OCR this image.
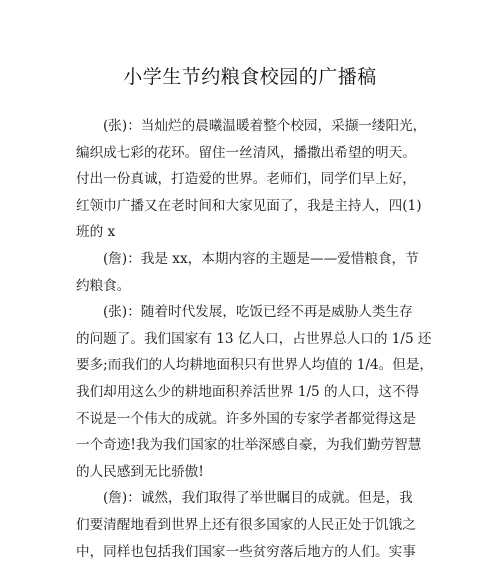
小学生节约粮食校园的广播稿
(张)：当灿烂的晨曦温暖着整个校园，采撷一缕阳光，
编织成七彩的花环。留住一丝清风，播撒出希望的明天。
付出一份真诚，打造爱的世界。老师们，同学们早上好，
红领巾广播又在老时间和大家见面了，我是主持人，四(1)
班的 x
(詹)：我是 xx，本期内容的主题是——爱惜粮食，节
约粮食。
(张)：随着时代发展，吃饭已经不再是威胁人类生存
的问题了。我们国家有 13 亿人口，占世界总人口的 1/5 还
要多;而我们的人均耕地面积只有世界人均值的 1/4。但是，
我们却用这么少的耕地面积养活世界 1/5 的人口，这不得
不说是一个伟大的成就。许多外国的专家学者都觉得这是
一个奇迹!我为我们国家的壮举深感自豪，为我们勤劳智慧
的人民感到无比骄傲!
(詹)：诚然，我们取得了举世瞩目的成就。但是，我
们要清醒地看到世界上还有很多国家的人民正处于饥饿之
中，同样也包括我们国家一些贫穷落后地方的人们。实事
